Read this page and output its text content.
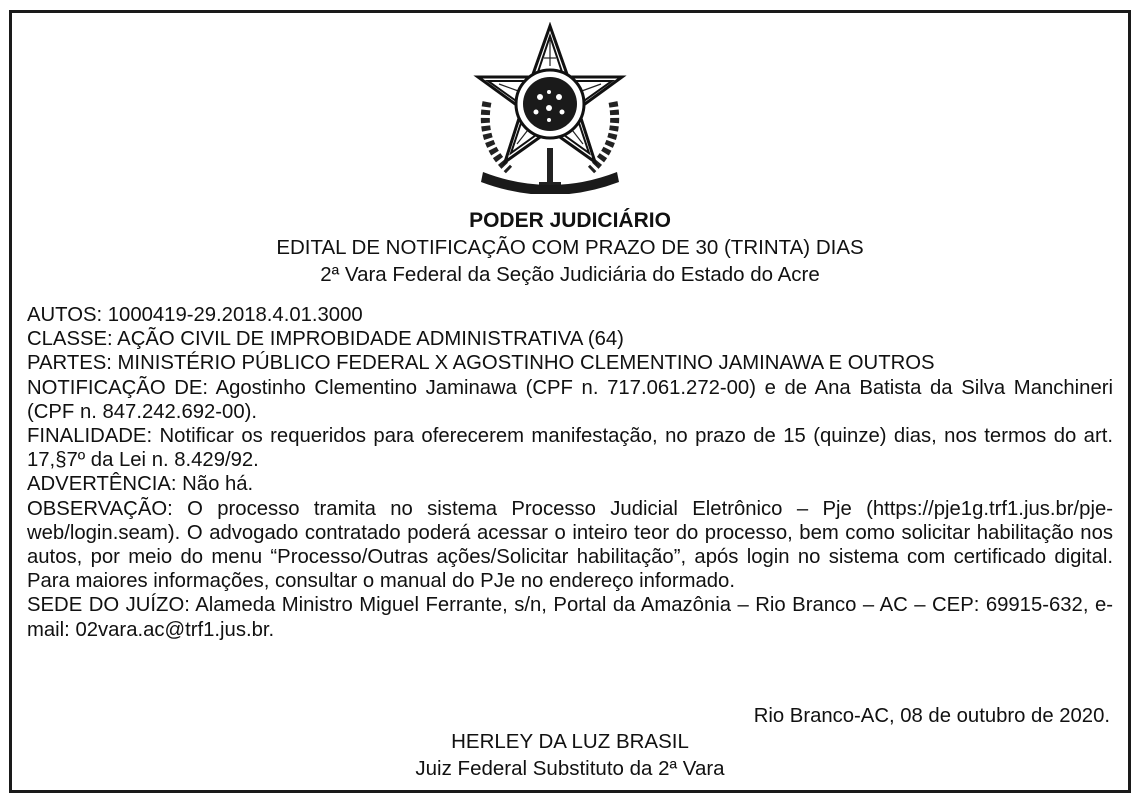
PODER JUDICIÁRIO
EDITAL DE NOTIFICAÇÃO COM PRAZO DE 30 (TRINTA) DIAS
2ª Vara Federal da Seção Judiciária do Estado do Acre

AUTOS: 1000419-29.2018.4.01.3000

CLASSE: AÇÃO CIVIL DE IMPROBIDADE ADMINISTRATIVA (64)

PARTES: MINISTÉRIO PÚBLICO FEDERAL X AGOSTINHO CLEMENTINO JAMINAWA E OUTROS

NOTIFICAÇÃO DE: Agostinho Clementino Jaminawa (CPF n. 717.061.272-00) e de Ana Batista da Silva Manchineri (CPF n. 847.242.692-00).

FINALIDADE: Notificar os requeridos para oferecerem manifestação, no prazo de 15 (quinze) dias, nos termos do art. 17,§7º da Lei n. 8.429/92.

ADVERTÊNCIA: Não há.

OBSERVAÇÃO: O processo tramita no sistema Processo Judicial Eletrônico – Pje (https://pje1g.trf1.jus.br/pje-web/login.seam). O advogado contratado poderá acessar o inteiro teor do processo, bem como solicitar habilitação nos autos, por meio do menu “Processo/Outras ações/Solicitar habilitação”, após login no sistema com certificado digital. Para maiores informações, consultar o manual do PJe no endereço informado.

SEDE DO JUÍZO: Alameda Ministro Miguel Ferrante, s/n, Portal da Amazônia – Rio Branco – AC – CEP: 69915-632, e-mail: 02vara.ac@trf1.jus.br.

Rio Branco-AC, 08 de outubro de 2020.
HERLEY DA LUZ BRASIL
Juiz Federal Substituto da 2ª Vara
